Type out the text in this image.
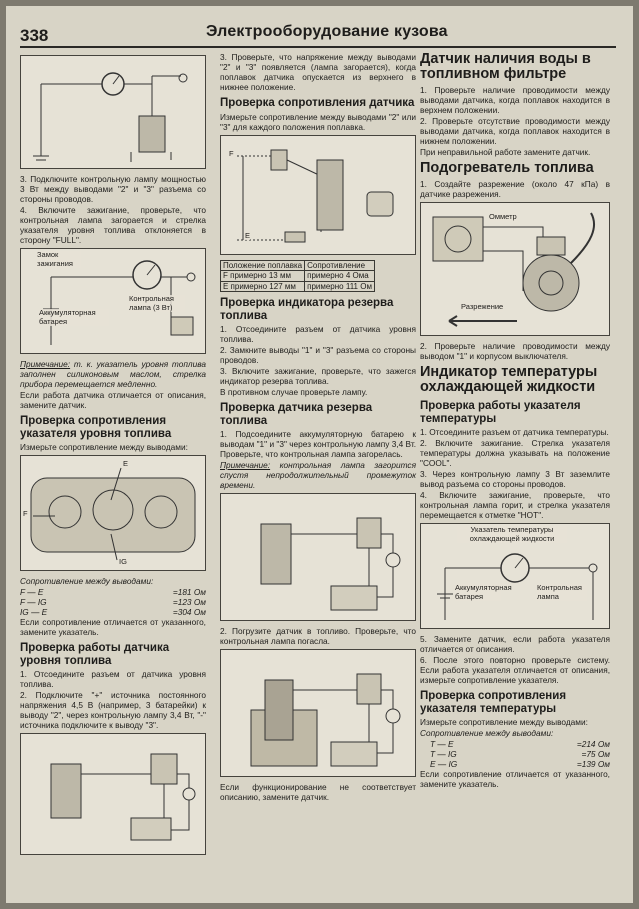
338	Электрооборудование кузова

3. Подключите контрольную лампу мощностью 3 Вт между выводами "2" и "3" разъема со стороны проводов.

4. Включите зажигание, проверьте, что контрольная лампа загорается и стрелка указателя уровня топлива отклоняется в сторону "FULL".

Замок зажигания
Аккумуляторная батарея
Контрольная лампа (3 Вт)

Примечание: т. к. указатель уровня топлива заполнен силиконовым маслом, стрелка прибора перемещается медленно.

Если работа датчика отличается от описания, замените датчик.

Проверка сопротивления указателя уровня топлива

Измерьте сопротивление между выводами:

E
F
IG

Сопротивление между выводами:

F — E	=181 Ом
F — IG	=123 Ом
IG — E	=304 Ом

Если сопротивление отличается от указанного, замените указатель.

Проверка работы датчика уровня топлива

1. Отсоедините разъем от датчика уровня топлива.

2. Подключите "+" источника постоянного напряжения 4,5 В (например, 3 батарейки) к выводу "2", через контрольную лампу 3,4 Вт, "-" источника подключите к выводу "3".

3. Проверьте, что напряжение между выводами "2" и "3" появляется (лампа загорается), когда поплавок датчика опускается из верхнего в нижнее положение.

Проверка сопротивления датчика

Измерьте сопротивление между выводами "2" или "3" для каждого положения поплавка.

F
E
Положение поплавка	Сопротивление
F примерно 13 мм	примерно 4 Ома
E примерно 127 мм	примерно 111 Ом
Проверка индикатора резерва топлива

1. Отсоедините разъем от датчика уровня топлива.

2. Замкните выводы "1" и "3" разъема со стороны проводов.

3. Включите зажигание, проверьте, что зажегся индикатор резерва топлива.

В противном случае проверьте лампу.

Проверка датчика резерва топлива

1. Подсоедините аккумуляторную батарею к выводам "1" и "3" через контрольную лампу 3,4 Вт. Проверьте, что контрольная лампа загорелась.

Примечание: контрольная лампа загорится спустя непродолжительный промежуток времени.

2. Погрузите датчик в топливо. Проверьте, что контрольная лампа погасла.

Если функционирование не соответствует описанию, замените датчик.

Датчик наличия воды в топливном фильтре

1. Проверьте наличие проводимости между выводами датчика, когда поплавок находится в верхнем положении.

2. Проверьте отсутствие проводимости между выводами датчика, когда поплавок находится в нижнем положении.

При неправильной работе замените датчик.

Подогреватель топлива

1. Создайте разрежение (около 47 кПа) в датчике разрежения.

Омметр
Разрежение

2. Проверьте наличие проводимости между выводом "1" и корпусом выключателя.

Индикатор температуры охлаждающей жидкости
Проверка работы указателя температуры

1. Отсоедините разъем от датчика температуры.

2. Включите зажигание. Стрелка указателя температуры должна указывать на положение "COOL".

3. Через контрольную лампу 3 Вт заземлите вывод разъема со стороны проводов.

4. Включите зажигание, проверьте, что контрольная лампа горит, и стрелка указателя перемещается к отметке "HOT".

Указатель температуры охлаждающей жидкости
Аккумуляторная батарея
Контрольная лампа

5. Замените датчик, если работа указателя отличается от описания.

6. После этого повторно проверьте систему. Если работа указателя отличается от описания, измерьте сопротивление указателя.

Проверка сопротивления указателя температуры

Измерьте сопротивление между выводами:

Сопротивление между выводами:

T — E	=214 Ом
T — IG	=75 Ом
E — IG	=139 Ом

Если сопротивление отличается от указанного, замените указатель.
